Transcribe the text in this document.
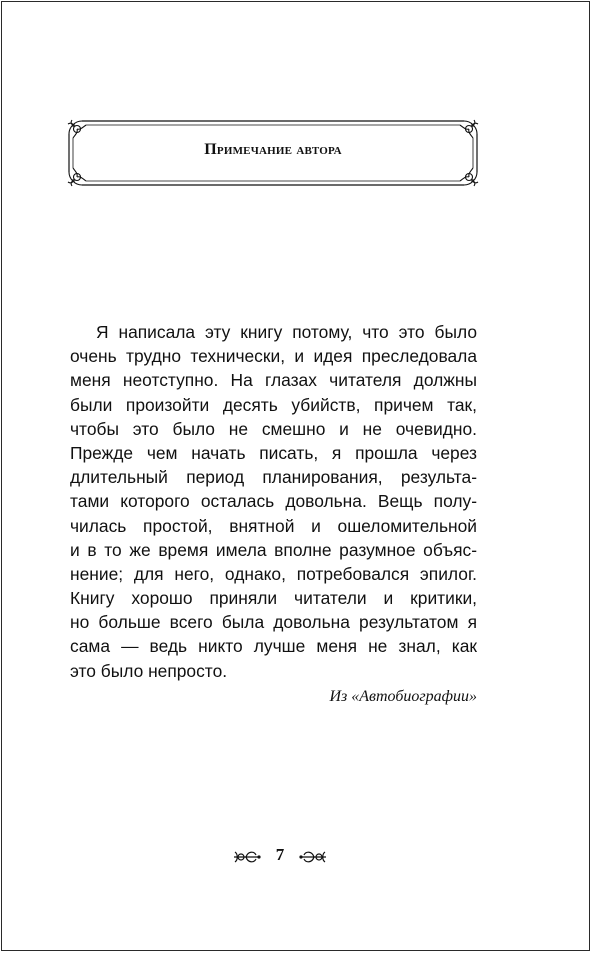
Примечание автора
Я написала эту книгу потому, что это было
очень трудно технически, и идея преследовала
меня неотступно. На глазах читателя должны
были произойти десять убийств, причем так,
чтобы это было не смешно и не очевидно.
Прежде чем начать писать, я прошла через
длительный период планирования, результа-
тами которого осталась довольна. Вещь полу-
чилась простой, внятной и ошеломительной
и в то же время имела вполне разумное объяс-
нение; для него, однако, потребовался эпилог.
Книгу хорошо приняли читатели и критики,
но больше всего была довольна результатом я
сама — ведь никто лучше меня не знал, как
это было непросто.
Из «Автобиографии»
7
